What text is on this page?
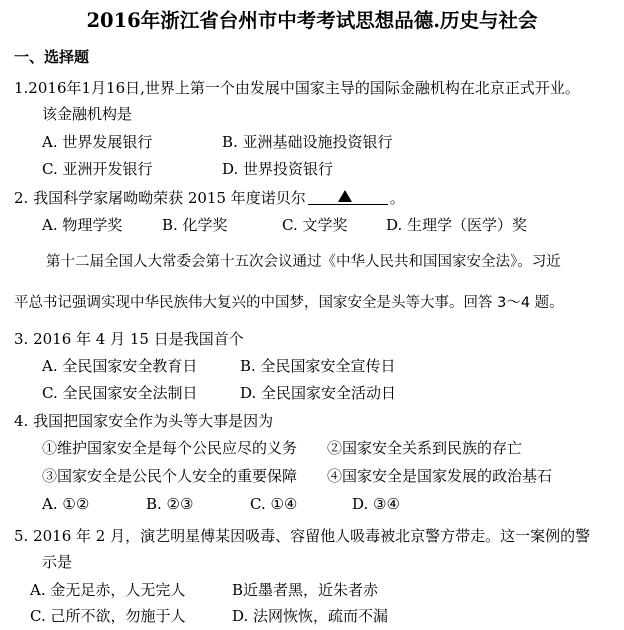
2016年浙江省台州市中考考试思想品德.历史与社会
一、选择题
1.2016年1月16日,世界上第一个由发展中国家主导的国际金融机构在北京正式开业。
该金融机构是
A. 世界发展银行	B. 亚洲基础设施投资银行
C. 亚洲开发银行	D. 世界投资银行
2. 我国科学家屠呦呦荣获 2015 年度诺贝尔	。
A. 物理学奖	B. 化学奖	C. 文学奖	D. 生理学（医学）奖
第十二届全国人大常委会第十五次会议通过《中华人民共和国国家安全法》。习近
平总书记强调实现中华民族伟大复兴的中国梦，国家安全是头等大事。回答 3～4 题。
3. 2016 年 4 月 15 日是我国首个
A. 全民国家安全教育日	B. 全民国家安全宣传日
C. 全民国家安全法制日	D. 全民国家安全活动日
4. 我国把国家安全作为头等大事是因为
①维护国家安全是每个公民应尽的义务 ②国家安全关系到民族的存亡
③国家安全是公民个人安全的重要保障 ④国家安全是国家发展的政治基石
A. ①②	B. ②③	C. ①④	D. ③④
5. 2016 年 2 月，演艺明星傅某因吸毒、容留他人吸毒被北京警方带走。这一案例的警
示是
A. 金无足赤，人无完人	B近墨者黑，近朱者赤
C. 己所不欲，勿施于人	D. 法网恢恢，疏而不漏
